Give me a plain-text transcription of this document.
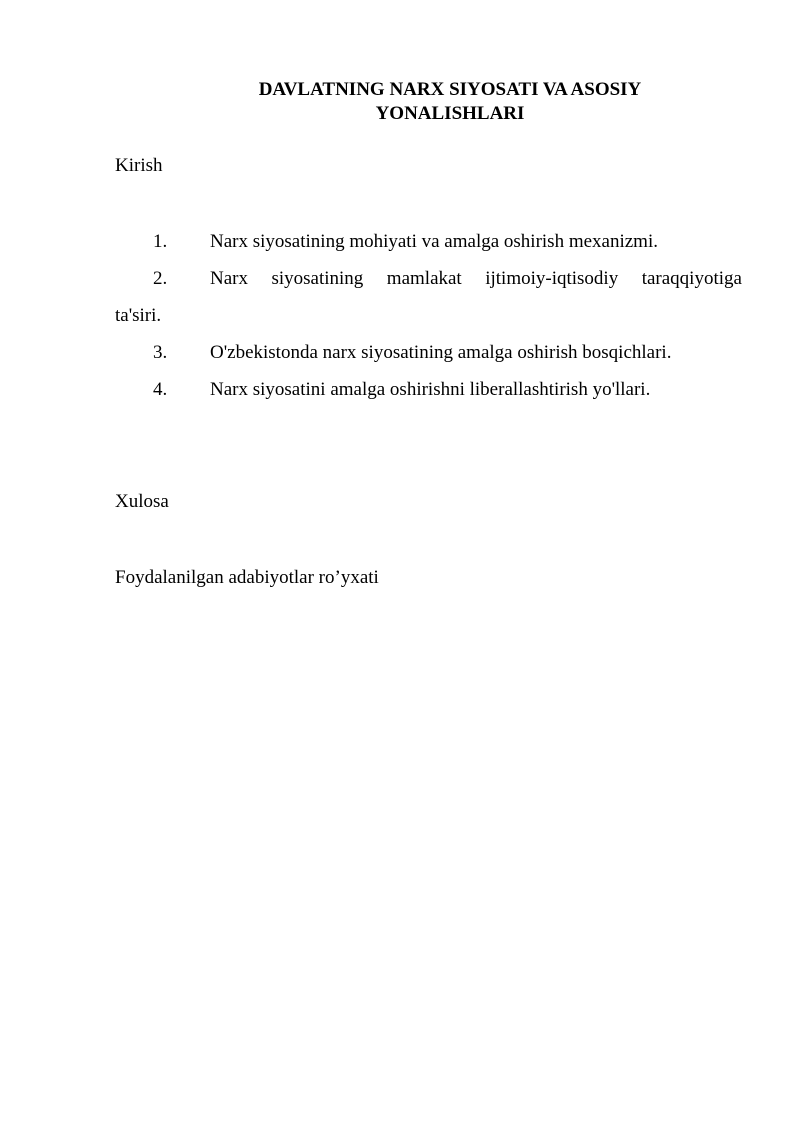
DAVLATNING NARX SIYOSATI VA ASOSIY
YONALISHLARI
Kirish
1. Narx siyosatining mohiyati va amalga oshirish mexanizmi.
2. Narx siyosatining mamlakat ijtimoiy-iqtisodiy taraqqiyotiga
ta'siri.
3. O'zbekistonda narx siyosatining amalga oshirish bosqichlari.
4. Narx siyosatini amalga oshirishni liberallashtirish yo'llari.
Xulosa
Foydalanilgan adabiyotlar ro’yxati
